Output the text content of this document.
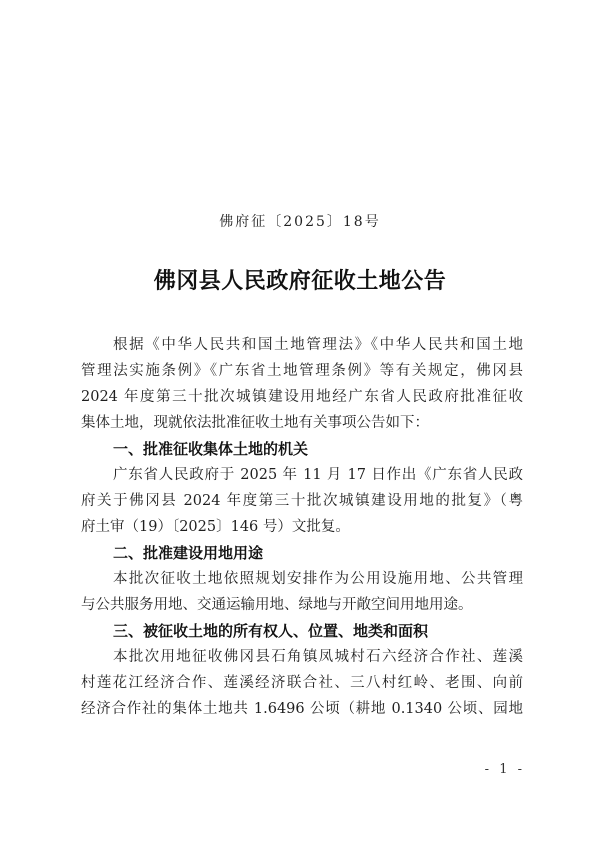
佛府征〔2025〕18号
佛冈县人民政府征收土地公告
根据《中华人民共和国土地管理法》《中华人民共和国土地
管理法实施条例》《广东省土地管理条例》等有关规定，佛冈县
2024 年度第三十批次城镇建设用地经广东省人民政府批准征收
集体土地，现就依法批准征收土地有关事项公告如下：
一、批准征收集体土地的机关
广东省人民政府于 2025 年 11 月 17 日作出《广东省人民政
府关于佛冈县 2024 年度第三十批次城镇建设用地的批复》（粤
府土审（19）〔2025〕146 号）文批复。
二、批准建设用地用途
本批次征收土地依照规划安排作为公用设施用地、公共管理
与公共服务用地、交通运输用地、绿地与开敞空间用地用途。
三、被征收土地的所有权人、位置、地类和面积
本批次用地征收佛冈县石角镇凤城村石六经济合作社、莲溪
村莲花江经济合作、莲溪经济联合社、三八村红岭、老围、向前
经济合作社的集体土地共 1.6496 公顷（耕地 0.1340 公顷、园地
- 1 -
